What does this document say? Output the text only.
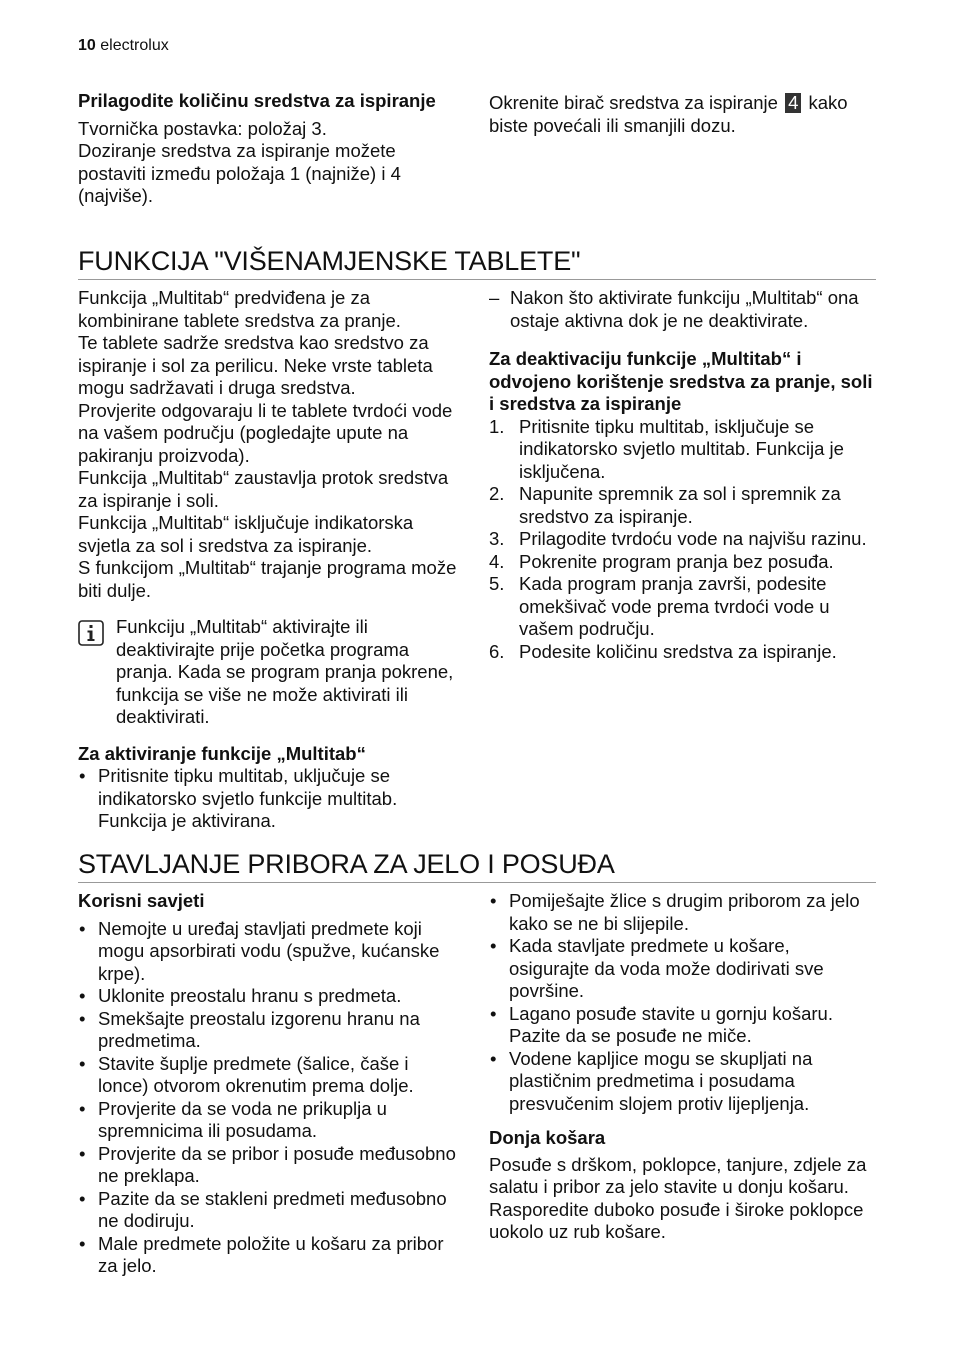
10 electrolux

Prilagodite količinu sredstva za ispiranje

Tvornička postavka: položaj 3.

Doziranje sredstva za ispiranje možete postaviti između položaja 1 (najniže) i 4 (najviše).

Okrenite birač sredstva za ispiranje 4 kako biste povećali ili smanjili dozu.

FUNKCIJA "VIŠENAMJENSKE TABLETE"

Funkcija „Multitab“ predviđena je za kombinirane tablete sredstva za pranje.

Te tablete sadrže sredstva kao sredstvo za ispiranje i sol za perilicu. Neke vrste tableta mogu sadržavati i druga sredstva.

Provjerite odgovaraju li te tablete tvrdoći vode na vašem području (pogledajte upute na pakiranju proizvoda).

Funkcija „Multitab“ zaustavlja protok sredstva za ispiranje i soli.

Funkcija „Multitab“ isključuje indikatorska svjetla za sol i sredstva za ispiranje.

S funkcijom „Multitab“ trajanje programa može biti dulje.

Funkciju „Multitab“ aktivirajte ili deaktivirajte prije početka programa pranja. Kada se program pranja pokrene, funkcija se više ne može aktivirati ili deaktivirati.

Za aktiviranje funkcije „Multitab“

• Pritisnite tipku multitab, uključuje se indikatorsko svjetlo funkcije multitab. Funkcija je aktivirana.
– Nakon što aktivirate funkciju „Multitab“ ona ostaje aktivna dok je ne deaktivirate.

Za deaktivaciju funkcije „Multitab“ i odvojeno korištenje sredstva za pranje, soli i sredstva za ispiranje

1. Pritisnite tipku multitab, isključuje se indikatorsko svjetlo multitab. Funkcija je isključena.
2. Napunite spremnik za sol i spremnik za sredstvo za ispiranje.
3. Prilagodite tvrdoću vode na najvišu razinu.
4. Pokrenite program pranja bez posuđa.
5. Kada program pranja završi, podesite omekšivač vode prema tvrdoći vode u vašem području.
6. Podesite količinu sredstva za ispiranje.
STAVLJANJE PRIBORA ZA JELO I POSUĐA

Korisni savjeti

• Nemojte u uređaj stavljati predmete koji mogu apsorbirati vodu (spužve, kućanske krpe).
• Uklonite preostalu hranu s predmeta.
• Smekšajte preostalu izgorenu hranu na predmetima.
• Stavite šuplje predmete (šalice, čaše i lonce) otvorom okrenutim prema dolje.
• Provjerite da se voda ne prikuplja u spremnicima ili posudama.
• Provjerite da se pribor i posuđe međusobno ne preklapa.
• Pazite da se stakleni predmeti međusobno ne dodiruju.
• Male predmete položite u košaru za pribor za jelo.
• Pomiješajte žlice s drugim priborom za jelo kako se ne bi slijepile.
• Kada stavljate predmete u košare, osigurajte da voda može dodirivati sve površine.
• Lagano posuđe stavite u gornju košaru. Pazite da se posuđe ne miče.
• Vodene kapljice mogu se skupljati na plastičnim predmetima i posudama presvučenim slojem protiv lijepljenja.

Donja košara

Posuđe s drškom, poklopce, tanjure, zdjele za salatu i pribor za jelo stavite u donju košaru. Rasporedite duboko posuđe i široke poklopce uokolo uz rub košare.
